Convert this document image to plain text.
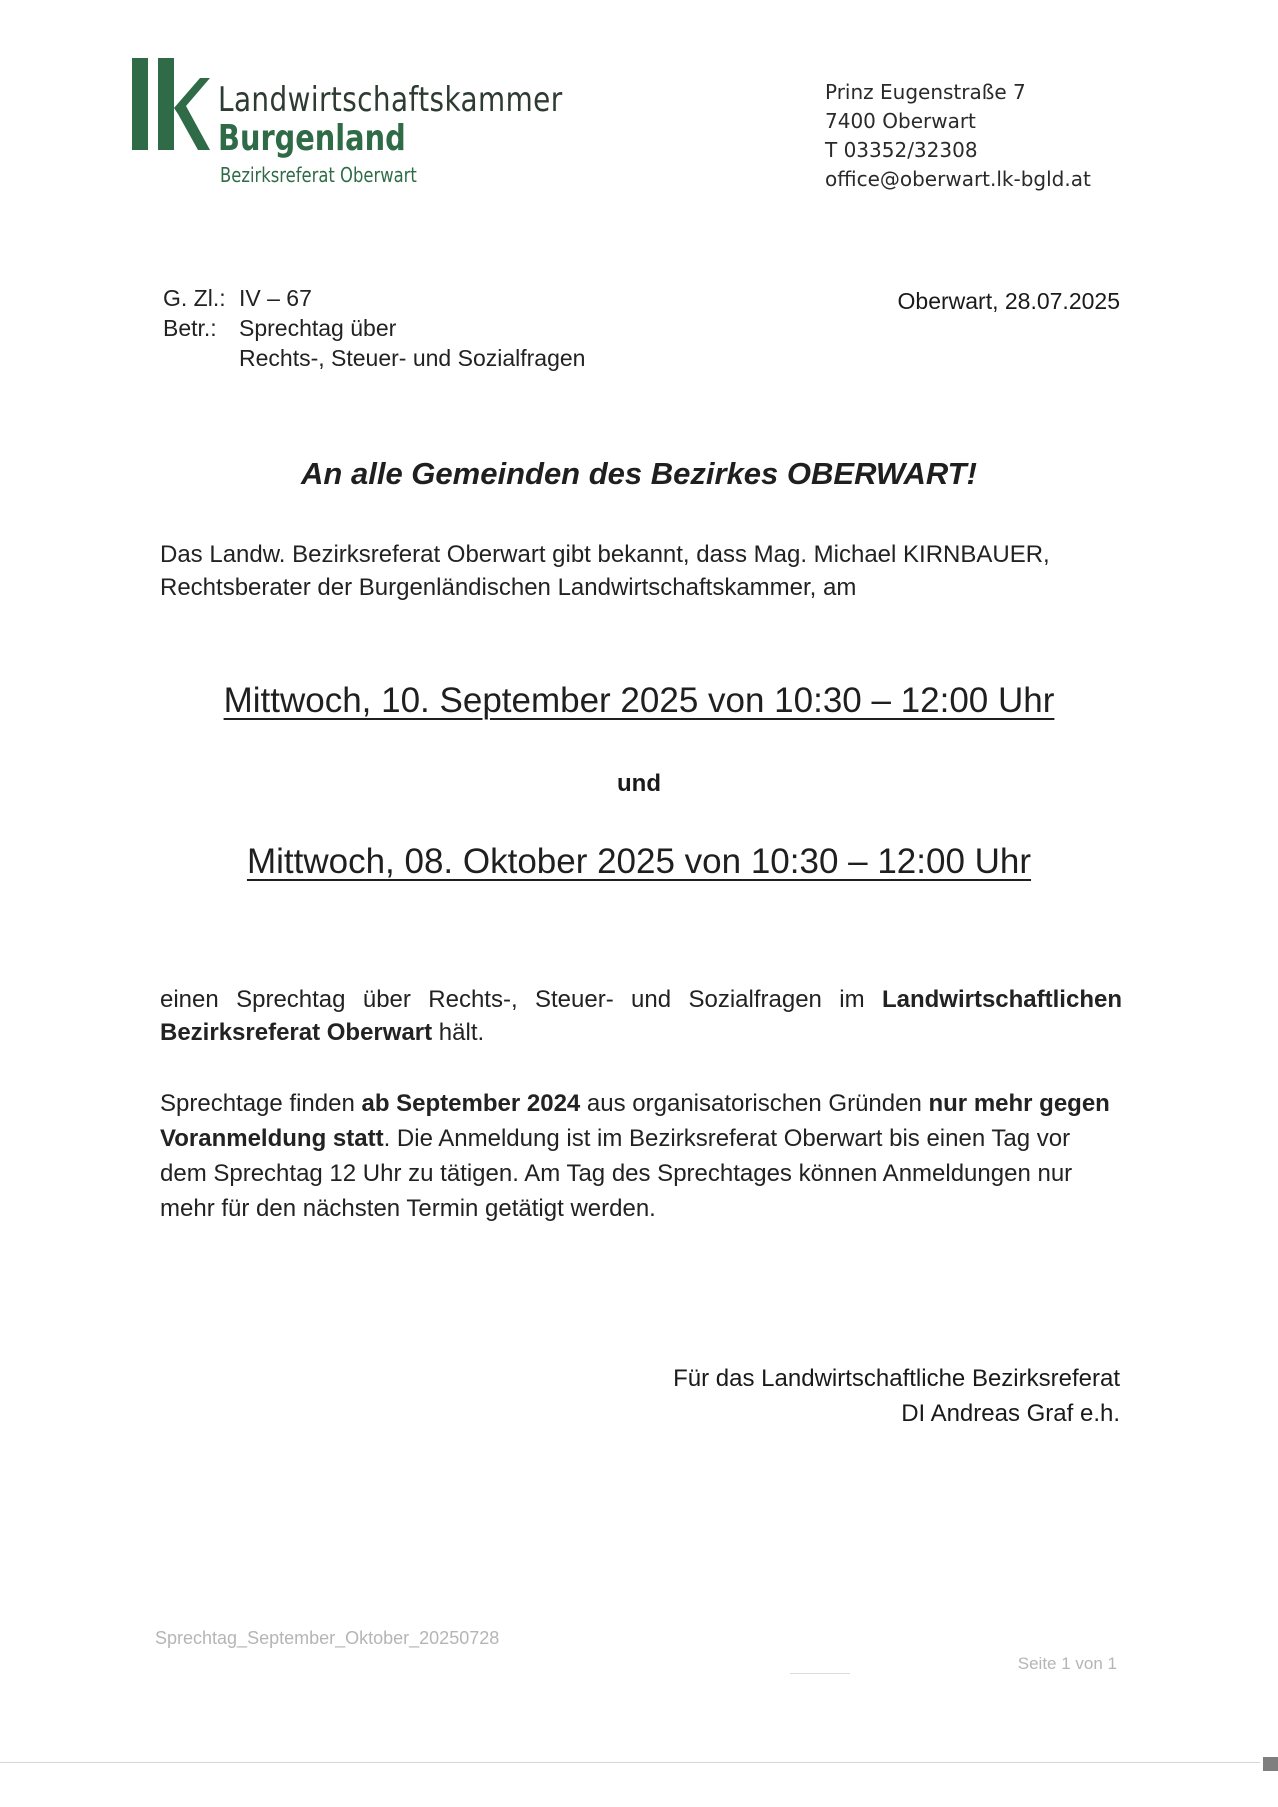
Landwirtschaftskammer
Burgenland
Bezirksreferat Oberwart
Prinz Eugenstraße 7
7400 Oberwart
T 03352/32308
office@oberwart.lk-bgld.at
G. Zl.: IV – 67
Betr.: Sprechtag über
Rechts-, Steuer- und Sozialfragen
Oberwart, 28.07.2025
An alle Gemeinden des Bezirkes OBERWART!
Das Landw. Bezirksreferat Oberwart gibt bekannt, dass Mag. Michael KIRNBAUER,
Rechtsberater der Burgenländischen Landwirtschaftskammer, am
Mittwoch, 10. September 2025 von 10:30 – 12:00 Uhr
und
Mittwoch, 08. Oktober 2025 von 10:30 – 12:00 Uhr
einen Sprechtag über Rechts-, Steuer- und Sozialfragen im Landwirtschaftlichen Bezirksreferat Oberwart hält.
Sprechtage finden ab September 2024 aus organisatorischen Gründen nur mehr gegen Voranmeldung statt. Die Anmeldung ist im Bezirksreferat Oberwart bis einen Tag vor dem Sprechtag 12 Uhr zu tätigen. Am Tag des Sprechtages können Anmeldungen nur mehr für den nächsten Termin getätigt werden.
Für das Landwirtschaftliche Bezirksreferat
DI Andreas Graf e.h.
Sprechtag_September_Oktober_20250728
Seite 1 von 1
